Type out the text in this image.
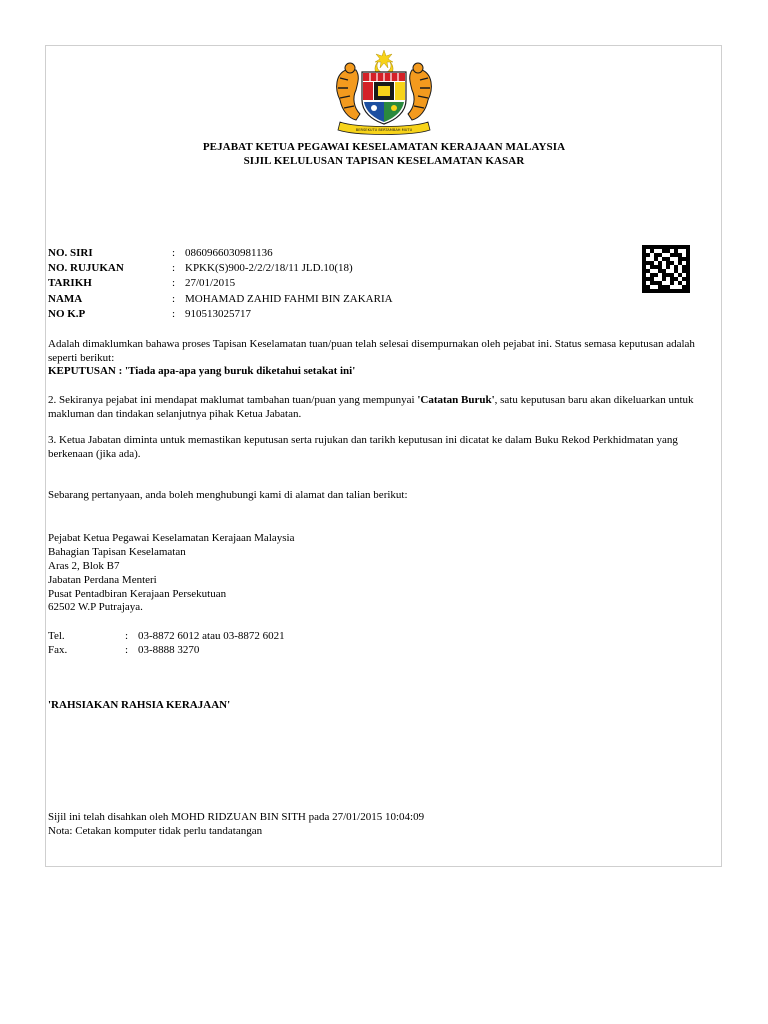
BERSEKUTU BERTAMBAH MUTU
PEJABAT KETUA PEGAWAI KESELAMATAN KERAJAAN MALAYSIA
SIJIL KELULUSAN TAPISAN KESELAMATAN KASAR
NO. SIRI	: 0860966030981136
NO. RUJUKAN	: KPKK(S)900-2/2/2/18/11 JLD.10(18)
TARIKH	: 27/01/2015
NAMA	: MOHAMAD ZAHID FAHMI BIN ZAKARIA
NO K.P	: 910513025717
Adalah dimaklumkan bahawa proses Tapisan Keselamatan tuan/puan telah selesai disempurnakan oleh pejabat ini. Status semasa keputusan adalah seperti berikut:
KEPUTUSAN : 'Tiada apa-apa yang buruk diketahui setakat ini'
2. Sekiranya pejabat ini mendapat maklumat tambahan tuan/puan yang mempunyai 'Catatan Buruk', satu keputusan baru akan dikeluarkan untuk makluman dan tindakan selanjutnya pihak Ketua Jabatan.
3. Ketua Jabatan diminta untuk memastikan keputusan serta rujukan dan tarikh keputusan ini dicatat ke dalam Buku Rekod Perkhidmatan yang berkenaan (jika ada).
Sebarang pertanyaan, anda boleh menghubungi kami di alamat dan talian berikut:
Pejabat Ketua Pegawai Keselamatan Kerajaan Malaysia
Bahagian Tapisan Keselamatan
Aras 2, Blok B7
Jabatan Perdana Menteri
Pusat Pentadbiran Kerajaan Persekutuan
62502 W.P Putrajaya.
Tel.	: 03-8872 6012 atau 03-8872 6021
Fax.	: 03-8888 3270
'RAHSIAKAN RAHSIA KERAJAAN'
Sijil ini telah disahkan oleh MOHD RIDZUAN BIN SITH pada 27/01/2015 10:04:09
Nota: Cetakan komputer tidak perlu tandatangan
